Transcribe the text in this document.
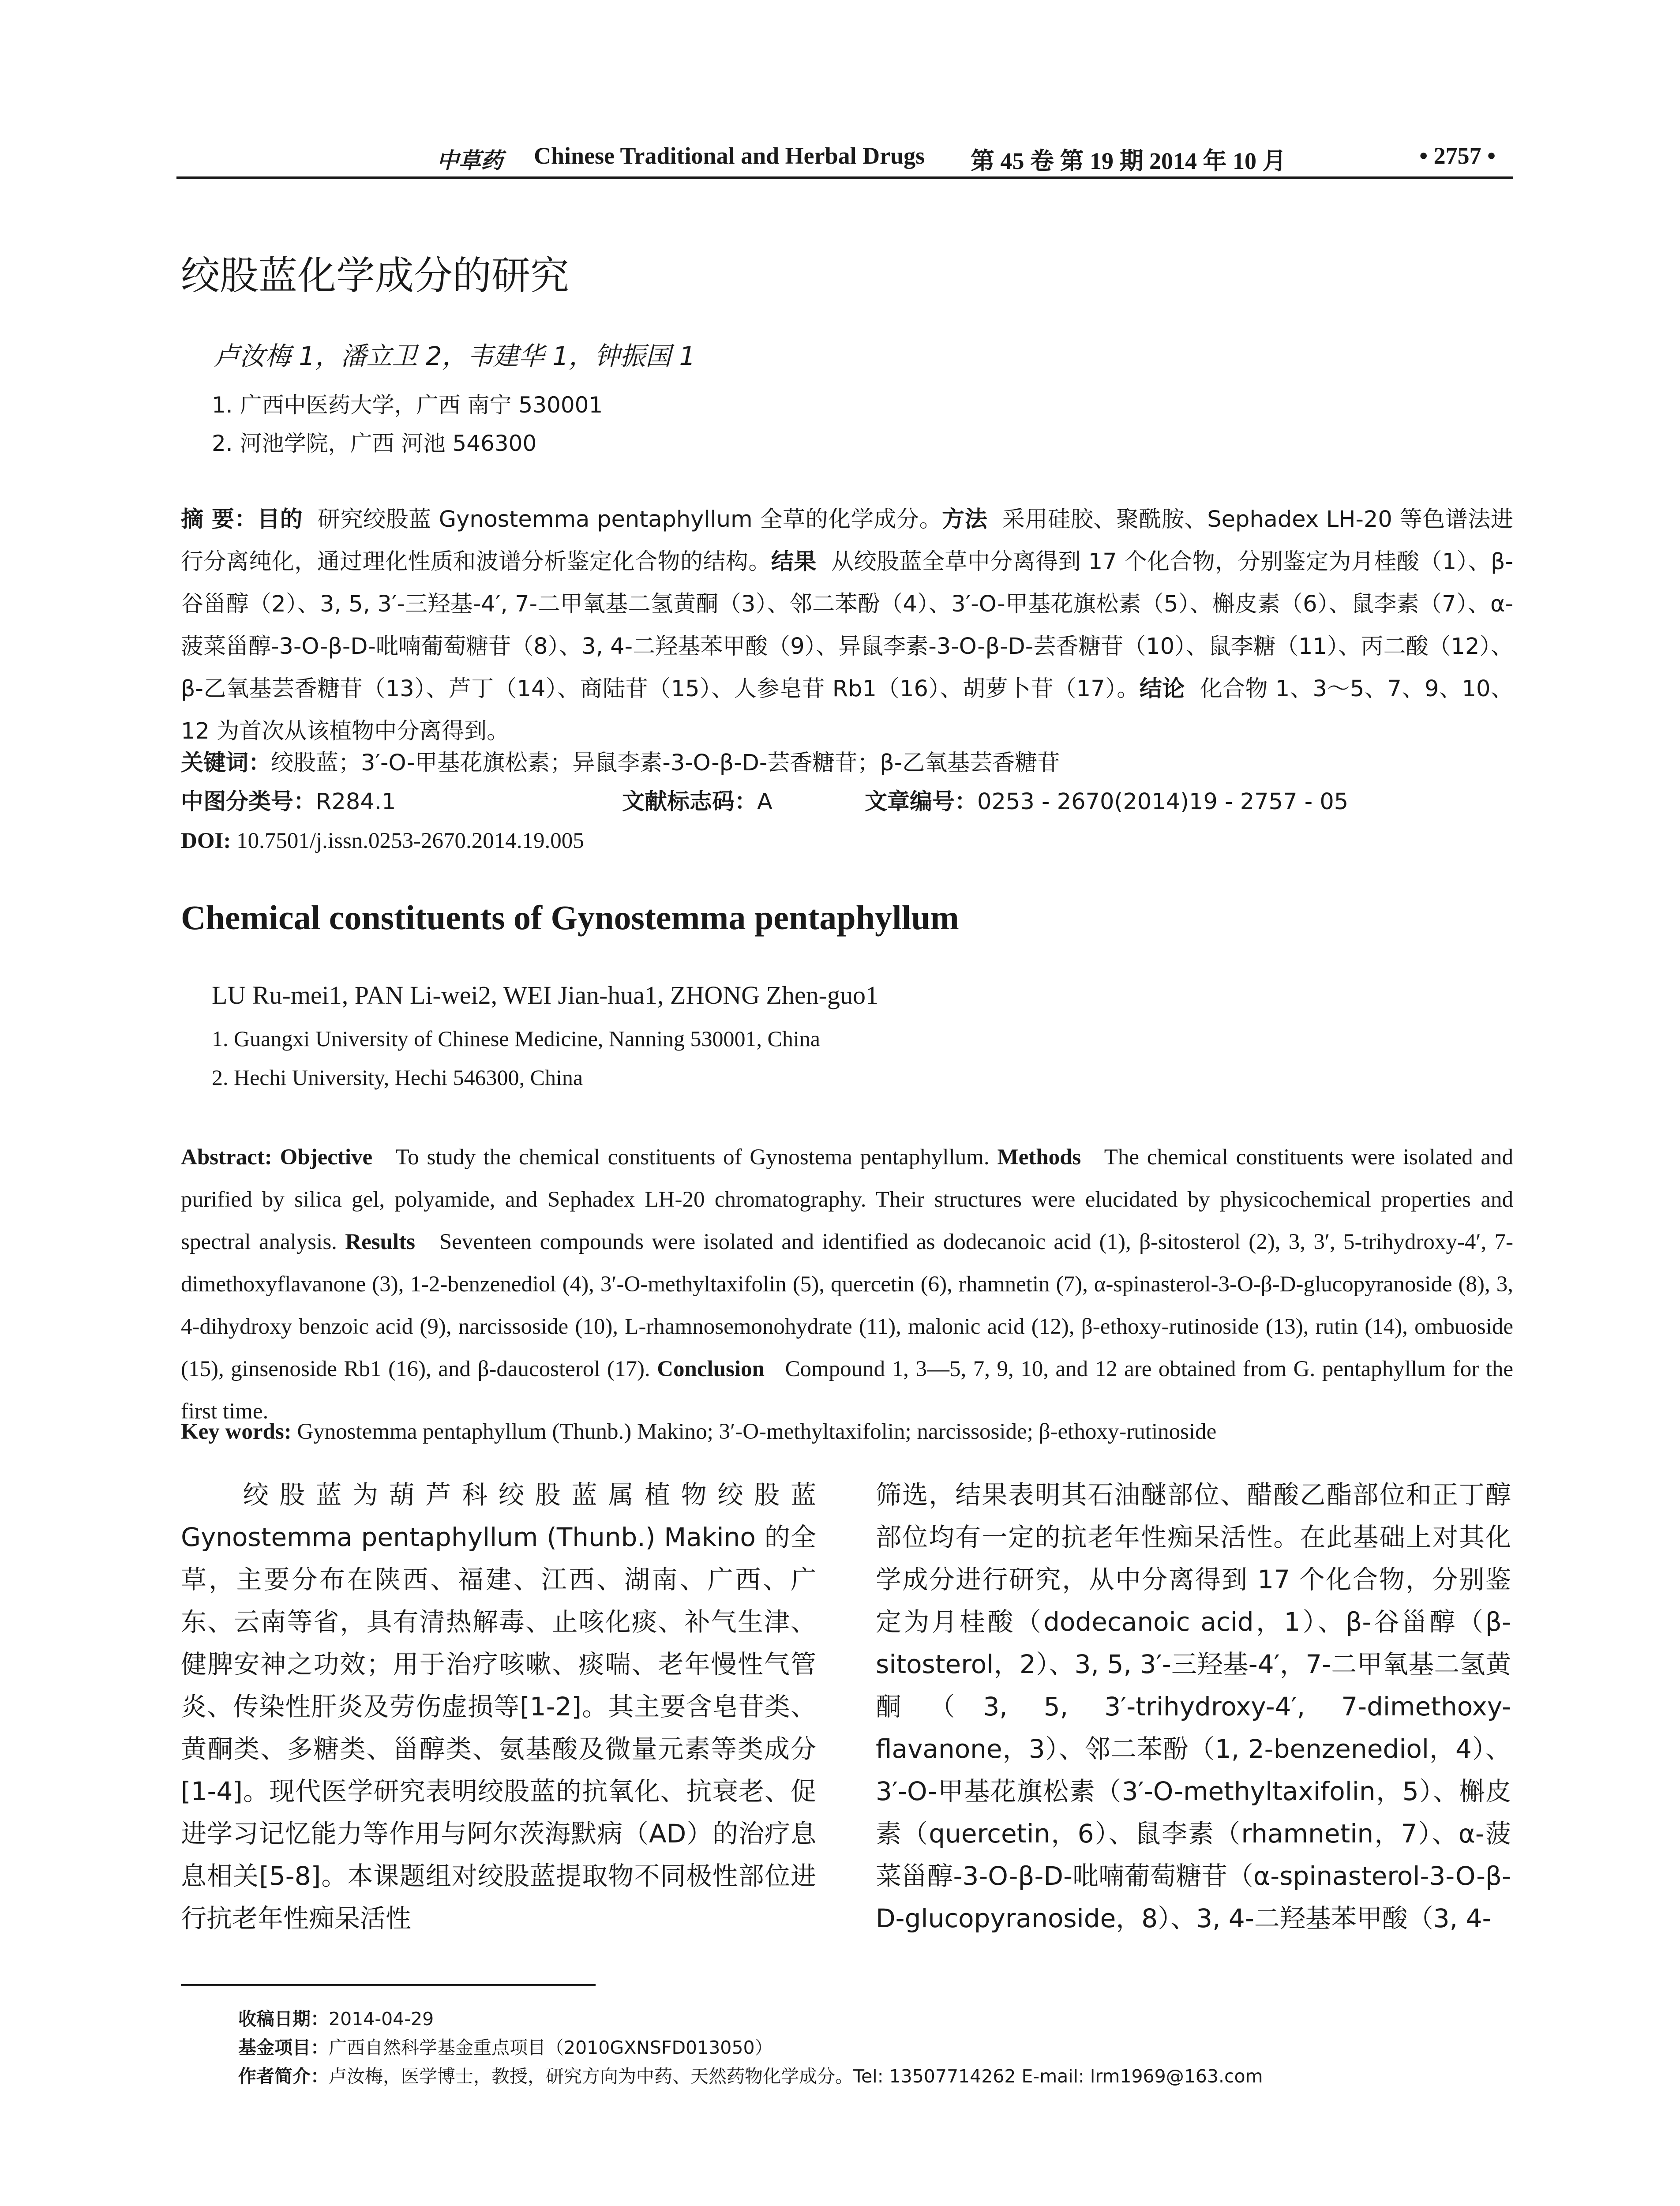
中草药 Chinese Traditional and Herbal Drugs 第 45 卷 第 19 期 2014 年 10 月	• 2757 •
绞股蓝化学成分的研究
卢汝梅 1，潘立卫 2，韦建华 1，钟振国 1
1. 广西中医药大学，广西 南宁 530001
2. 河池学院，广西 河池 546300
摘 要：目的 研究绞股蓝 Gynostemma pentaphyllum 全草的化学成分。方法 采用硅胶、聚酰胺、Sephadex LH-20 等色谱法进行分离纯化，通过理化性质和波谱分析鉴定化合物的结构。结果 从绞股蓝全草中分离得到 17 个化合物，分别鉴定为月桂酸（1）、β-谷甾醇（2）、3, 5, 3′-三羟基-4′, 7-二甲氧基二氢黄酮（3）、邻二苯酚（4）、3′-O-甲基花旗松素（5）、槲皮素（6）、鼠李素（7）、α-菠菜甾醇-3-O-β-D-吡喃葡萄糖苷（8）、3, 4-二羟基苯甲酸（9）、异鼠李素-3-O-β-D-芸香糖苷（10）、鼠李糖（11）、丙二酸（12）、β-乙氧基芸香糖苷（13）、芦丁（14）、商陆苷（15）、人参皂苷 Rb1（16）、胡萝卜苷（17）。结论 化合物 1、3～5、7、9、10、12 为首次从该植物中分离得到。
关键词：绞股蓝；3′-O-甲基花旗松素；异鼠李素-3-O-β-D-芸香糖苷；β-乙氧基芸香糖苷
中图分类号：R284.1	文献标志码：A	文章编号：0253 - 2670(2014)19 - 2757 - 05
DOI: 10.7501/j.issn.0253-2670.2014.19.005
Chemical constituents of Gynostemma pentaphyllum
LU Ru-mei1, PAN Li-wei2, WEI Jian-hua1, ZHONG Zhen-guo1
1. Guangxi University of Chinese Medicine, Nanning 530001, China
2. Hechi University, Hechi 546300, China
Abstract: Objective To study the chemical constituents of Gynostema pentaphyllum. Methods The chemical constituents were isolated and purified by silica gel, polyamide, and Sephadex LH-20 chromatography. Their structures were elucidated by physicochemical properties and spectral analysis. Results Seventeen compounds were isolated and identified as dodecanoic acid (1), β-sitosterol (2), 3, 3′, 5-trihydroxy-4′, 7-dimethoxyflavanone (3), 1-2-benzenediol (4), 3′-O-methyltaxifolin (5), quercetin (6), rhamnetin (7), α-spinasterol-3-O-β-D-glucopyranoside (8), 3, 4-dihydroxy benzoic acid (9), narcissoside (10), L-rhamnosemonohydrate (11), malonic acid (12), β-ethoxy-rutinoside (13), rutin (14), ombuoside (15), ginsenoside Rb1 (16), and β-daucosterol (17). Conclusion Compound 1, 3—5, 7, 9, 10, and 12 are obtained from G. pentaphyllum for the first time.
Key words: Gynostemma pentaphyllum (Thunb.) Makino; 3′-O-methyltaxifolin; narcissoside; β-ethoxy-rutinoside
绞股蓝为葫芦科绞股蓝属植物绞股蓝 Gynostemma pentaphyllum (Thunb.) Makino 的全草，主要分布在陕西、福建、江西、湖南、广西、广东、云南等省，具有清热解毒、止咳化痰、补气生津、健脾安神之功效；用于治疗咳嗽、痰喘、老年慢性气管炎、传染性肝炎及劳伤虚损等[1-2]。其主要含皂苷类、黄酮类、多糖类、甾醇类、氨基酸及微量元素等类成分[1-4]。现代医学研究表明绞股蓝的抗氧化、抗衰老、促进学习记忆能力等作用与阿尔茨海默病（AD）的治疗息息相关[5-8]。本课题组对绞股蓝提取物不同极性部位进行抗老年性痴呆活性
筛选，结果表明其石油醚部位、醋酸乙酯部位和正丁醇部位均有一定的抗老年性痴呆活性。在此基础上对其化学成分进行研究，从中分离得到 17 个化合物，分别鉴定为月桂酸（dodecanoic acid，1）、β-谷甾醇（β-sitosterol，2）、3, 5, 3′-三羟基-4′，7-二甲氧基二氢黄酮（3, 5, 3′-trihydroxy-4′, 7-dimethoxy-flavanone，3）、邻二苯酚（1, 2-benzenediol，4）、3′-O-甲基花旗松素（3′-O-methyltaxifolin，5）、槲皮素（quercetin，6）、鼠李素（rhamnetin，7）、α-菠菜甾醇-3-O-β-D-吡喃葡萄糖苷（α-spinasterol-3-O-β-D-glucopyranoside，8）、3, 4-二羟基苯甲酸（3, 4-
收稿日期：2014-04-29
基金项目：广西自然科学基金重点项目（2010GXNSFD013050）
作者简介：卢汝梅，医学博士，教授，研究方向为中药、天然药物化学成分。Tel: 13507714262 E-mail: lrm1969@163.com
